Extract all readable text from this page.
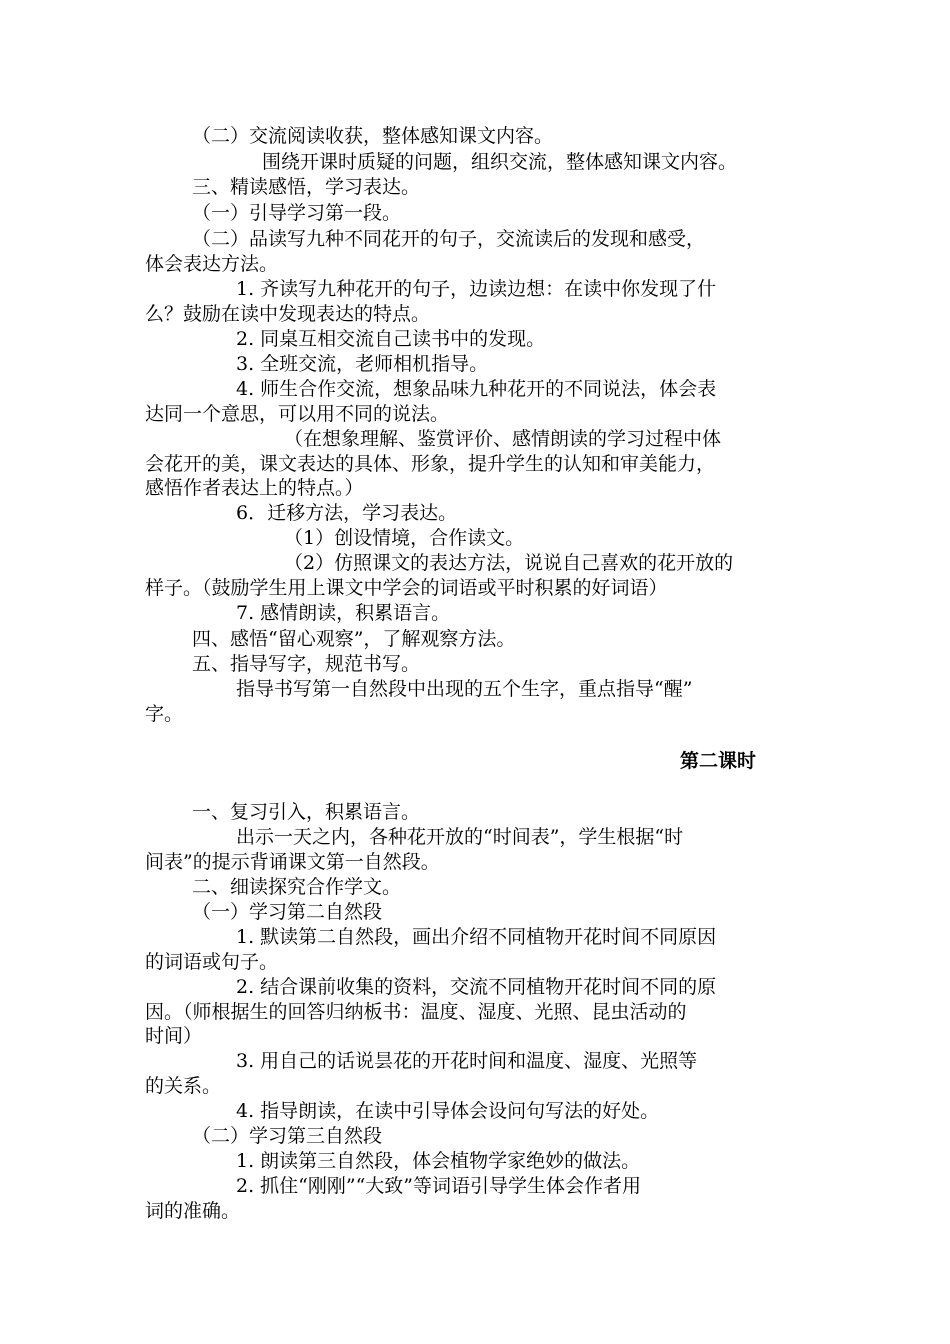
（二）交流阅读收获，整体感知课文内容。
围绕开课时质疑的问题，组织交流，整体感知课文内容。
三、精读感悟，学习表达。
（一）引导学习第一段。
（二）品读写九种不同花开的句子，交流读后的发现和感受，
体会表达方法。
1. 齐读写九种花开的句子，边读边想：在读中你发现了什
么？鼓励在读中发现表达的特点。
2. 同桌互相交流自己读书中的发现。
3. 全班交流，老师相机指导。
4. 师生合作交流，想象品味九种花开的不同说法，体会表
达同一个意思，可以用不同的说法。
（在想象理解、鉴赏评价、感情朗读的学习过程中体
会花开的美，课文表达的具体、形象，提升学生的认知和审美能力，
感悟作者表达上的特点。）
6．迁移方法，学习表达。
（1）创设情境，合作读文。
（2）仿照课文的表达方法，说说自己喜欢的花开放的
样子。（鼓励学生用上课文中学会的词语或平时积累的好词语）
7. 感情朗读，积累语言。
四、感悟“留心观察”，了解观察方法。
五、指导写字，规范书写。
指导书写第一自然段中出现的五个生字，重点指导“醒”
字。
第二课时
一、复习引入，积累语言。
出示一天之内，各种花开放的“时间表”，学生根据“时
间表”的提示背诵课文第一自然段。
二、细读探究合作学文。
（一）学习第二自然段
1. 默读第二自然段，画出介绍不同植物开花时间不同原因
的词语或句子。
2. 结合课前收集的资料，交流不同植物开花时间不同的原
因。（师根据生的回答归纳板书：温度、湿度、光照、昆虫活动的
时间）
3. 用自己的话说昙花的开花时间和温度、湿度、光照等
的关系。
4. 指导朗读，在读中引导体会设问句写法的好处。
（二）学习第三自然段
1. 朗读第三自然段，体会植物学家绝妙的做法。
2. 抓住“刚刚”“大致”等词语引导学生体会作者用
词的准确。
